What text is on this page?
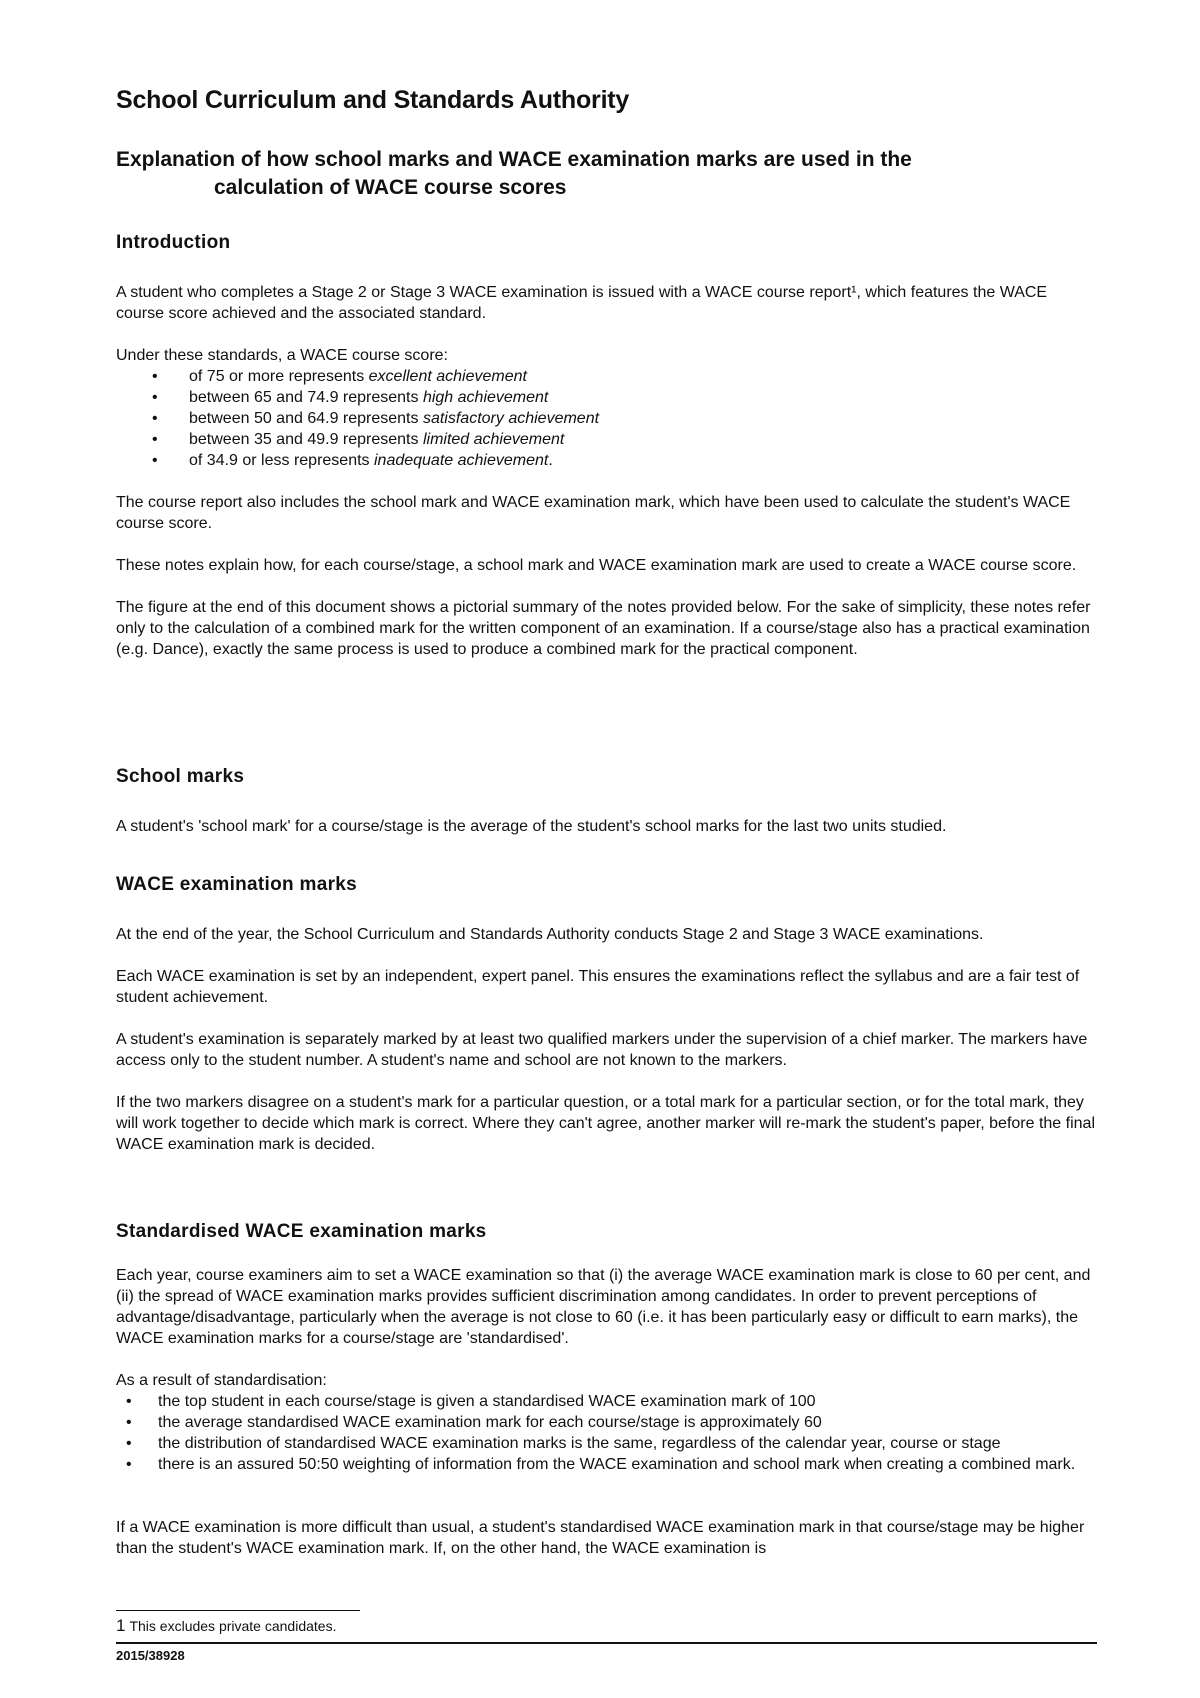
School Curriculum and Standards Authority
Explanation of how school marks and WACE examination marks are used in the
calculation of WACE course scores
Introduction

A student who completes a Stage 2 or Stage 3 WACE examination is issued with a WACE course report¹, which features the WACE course score achieved and the associated standard.

Under these standards, a WACE course score:

• of 75 or more represents excellent achievement
• between 65 and 74.9 represents high achievement
• between 50 and 64.9 represents satisfactory achievement
• between 35 and 49.9 represents limited achievement
• of 34.9 or less represents inadequate achievement.

The course report also includes the school mark and WACE examination mark, which have been used to calculate the student's WACE course score.

These notes explain how, for each course/stage, a school mark and WACE examination mark are used to create a WACE course score.

The figure at the end of this document shows a pictorial summary of the notes provided below. For the sake of simplicity, these notes refer only to the calculation of a combined mark for the written component of an examination. If a course/stage also has a practical examination (e.g. Dance), exactly the same process is used to produce a combined mark for the practical component.

School marks

A student's 'school mark' for a course/stage is the average of the student's school marks for the last two units studied.

WACE examination marks

At the end of the year, the School Curriculum and Standards Authority conducts Stage 2 and Stage 3 WACE examinations.

Each WACE examination is set by an independent, expert panel. This ensures the examinations reflect the syllabus and are a fair test of student achievement.

A student's examination is separately marked by at least two qualified markers under the supervision of a chief marker. The markers have access only to the student number. A student's name and school are not known to the markers.

If the two markers disagree on a student's mark for a particular question, or a total mark for a particular section, or for the total mark, they will work together to decide which mark is correct. Where they can't agree, another marker will re-mark the student's paper, before the final WACE examination mark is decided.

Standardised WACE examination marks

Each year, course examiners aim to set a WACE examination so that (i) the average WACE examination mark is close to 60 per cent, and (ii) the spread of WACE examination marks provides sufficient discrimination among candidates. In order to prevent perceptions of advantage/disadvantage, particularly when the average is not close to 60 (i.e. it has been particularly easy or difficult to earn marks), the WACE examination marks for a course/stage are 'standardised'.

As a result of standardisation:

• the top student in each course/stage is given a standardised WACE examination mark of 100
• the average standardised WACE examination mark for each course/stage is approximately 60
• the distribution of standardised WACE examination marks is the same, regardless of the calendar year, course or stage
• there is an assured 50:50 weighting of information from the WACE examination and school mark when creating a combined mark.

If a WACE examination is more difficult than usual, a student's standardised WACE examination mark in that course/stage may be higher than the student's WACE examination mark. If, on the other hand, the WACE examination is

1 This excludes private candidates.
2015/38928
